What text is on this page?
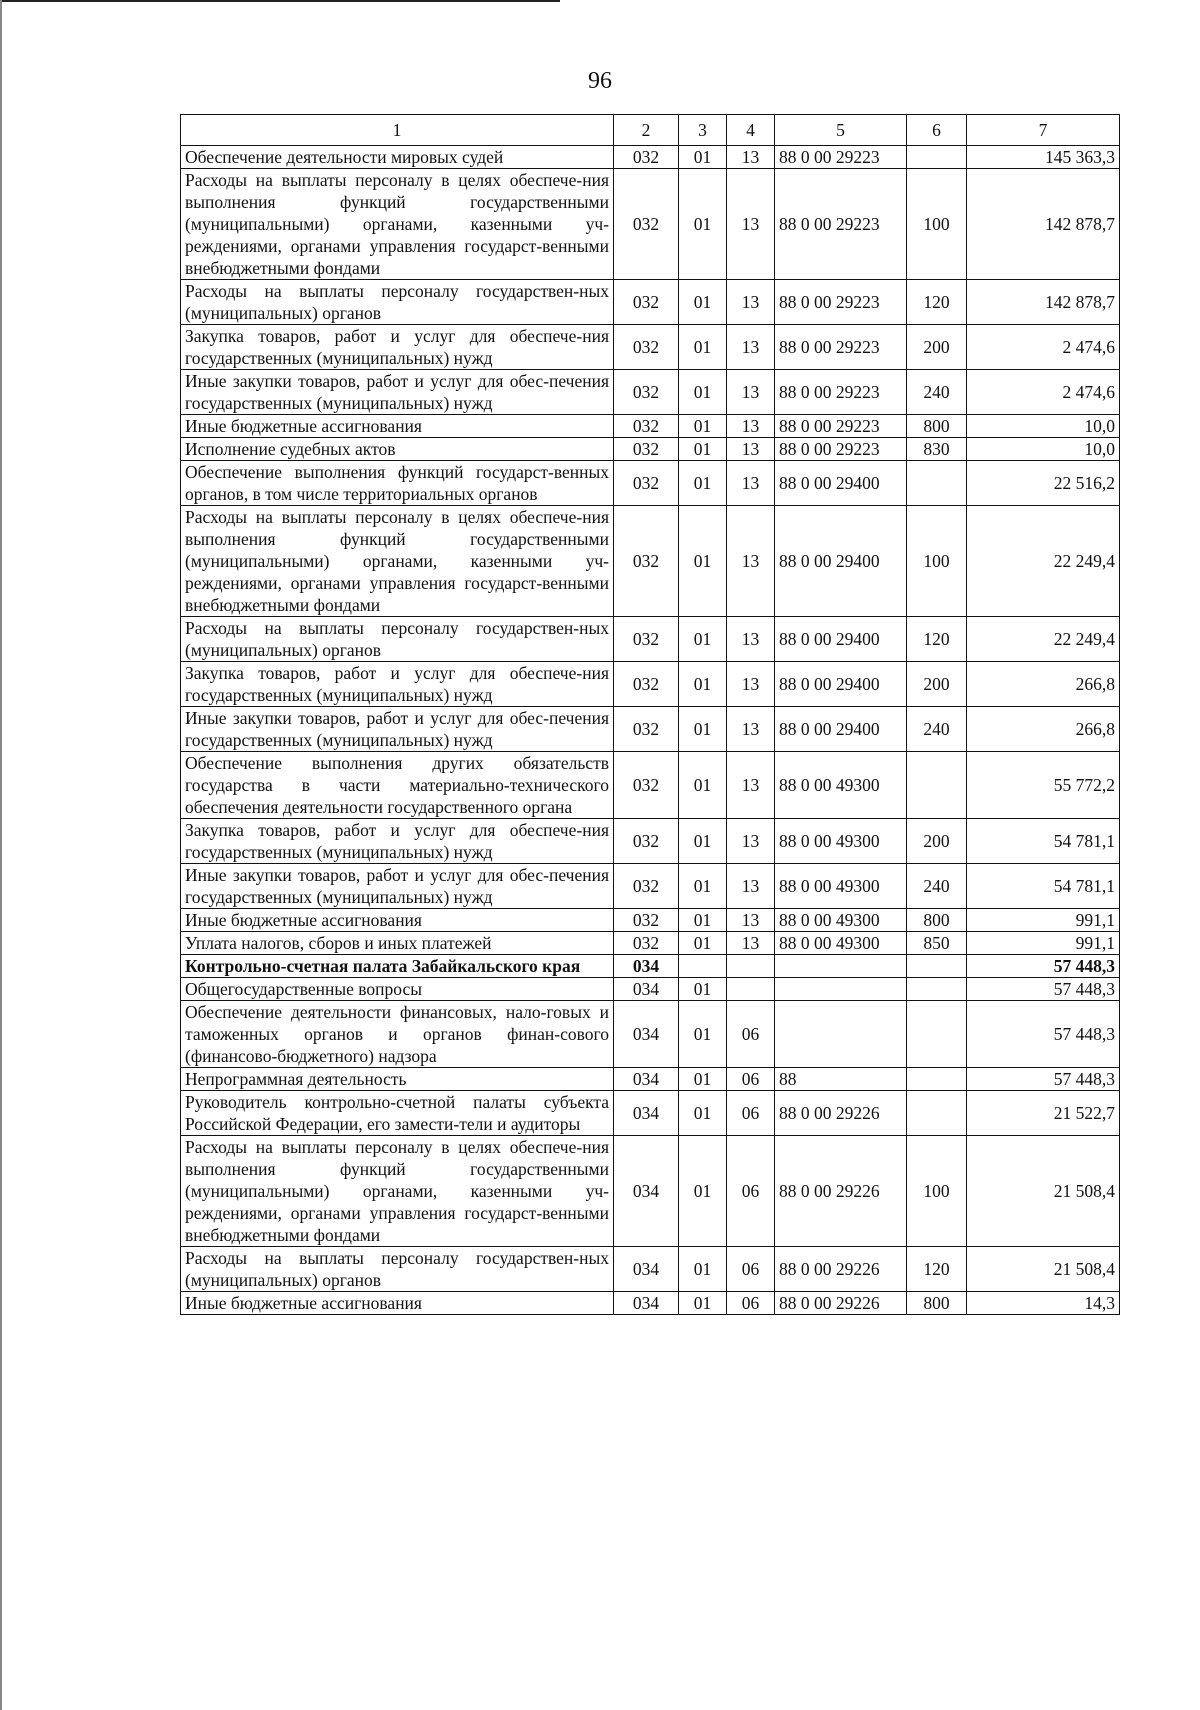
96
1	2	3	4	5	6	7
Обеспечение деятельности мировых судей	032	01	13	88 0 00 29223		145 363,3
Расходы на выплаты персоналу в целях обеспече-ния выполнения функций государственными (муниципальными) органами, казенными уч-реждениями, органами управления государст-венными внебюджетными фондами	032	01	13	88 0 00 29223	100	142 878,7
Расходы на выплаты персоналу государствен-ных (муниципальных) органов	032	01	13	88 0 00 29223	120	142 878,7
Закупка товаров, работ и услуг для обеспече-ния государственных (муниципальных) нужд	032	01	13	88 0 00 29223	200	2 474,6
Иные закупки товаров, работ и услуг для обес-печения государственных (муниципальных) нужд	032	01	13	88 0 00 29223	240	2 474,6
Иные бюджетные ассигнования	032	01	13	88 0 00 29223	800	10,0
Исполнение судебных актов	032	01	13	88 0 00 29223	830	10,0
Обеспечение выполнения функций государст-венных органов, в том числе территориальных органов	032	01	13	88 0 00 29400		22 516,2
Расходы на выплаты персоналу в целях обеспече-ния выполнения функций государственными (муниципальными) органами, казенными уч-реждениями, органами управления государст-венными внебюджетными фондами	032	01	13	88 0 00 29400	100	22 249,4
Расходы на выплаты персоналу государствен-ных (муниципальных) органов	032	01	13	88 0 00 29400	120	22 249,4
Закупка товаров, работ и услуг для обеспече-ния государственных (муниципальных) нужд	032	01	13	88 0 00 29400	200	266,8
Иные закупки товаров, работ и услуг для обес-печения государственных (муниципальных) нужд	032	01	13	88 0 00 29400	240	266,8
Обеспечение выполнения других обязательств государства в части материально-технического обеспечения деятельности государственного органа	032	01	13	88 0 00 49300		55 772,2
Закупка товаров, работ и услуг для обеспече-ния государственных (муниципальных) нужд	032	01	13	88 0 00 49300	200	54 781,1
Иные закупки товаров, работ и услуг для обес-печения государственных (муниципальных) нужд	032	01	13	88 0 00 49300	240	54 781,1
Иные бюджетные ассигнования	032	01	13	88 0 00 49300	800	991,1
Уплата налогов, сборов и иных платежей	032	01	13	88 0 00 49300	850	991,1
Контрольно-счетная палата Забайкальского края	034					57 448,3
Общегосударственные вопросы	034	01				57 448,3
Обеспечение деятельности финансовых, нало-говых и таможенных органов и органов финан-сового (финансово-бюджетного) надзора	034	01	06			57 448,3
Непрограммная деятельность	034	01	06	88		57 448,3
Руководитель контрольно-счетной палаты субъекта Российской Федерации, его замести-тели и аудиторы	034	01	06	88 0 00 29226		21 522,7
Расходы на выплаты персоналу в целях обеспече-ния выполнения функций государственными (муниципальными) органами, казенными уч-реждениями, органами управления государст-венными внебюджетными фондами	034	01	06	88 0 00 29226	100	21 508,4
Расходы на выплаты персоналу государствен-ных (муниципальных) органов	034	01	06	88 0 00 29226	120	21 508,4
Иные бюджетные ассигнования	034	01	06	88 0 00 29226	800	14,3
